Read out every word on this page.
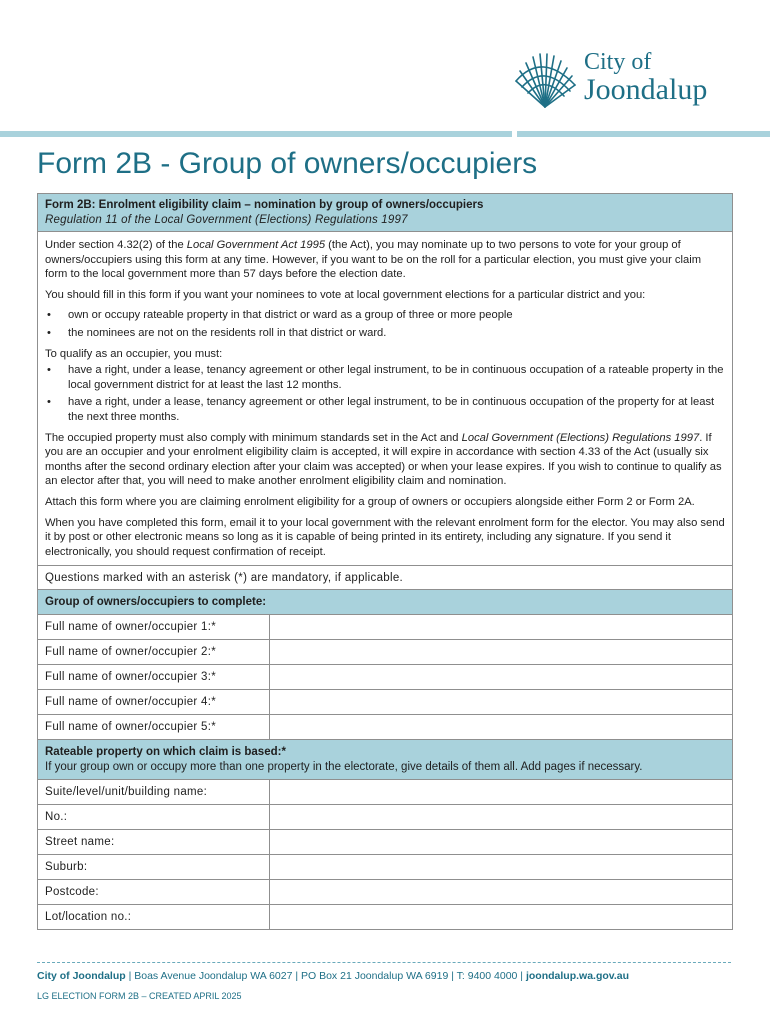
City of
Joondalup
Form 2B - Group of owners/occupiers
Form 2B: Enrolment eligibility claim – nomination by group of owners/occupiers
Regulation 11 of the Local Government (Elections) Regulations 1997

Under section 4.32(2) of the Local Government Act 1995 (the Act), you may nominate up to two persons to vote for your group of owners/occupiers using this form at any time. However, if you want to be on the roll for a particular election, you must give your claim form to the local government more than 57 days before the election date.

You should fill in this form if you want your nominees to vote at local government elections for a particular district and you:

• own or occupy rateable property in that district or ward as a group of three or more people
• the nominees are not on the residents roll in that district or ward.

To qualify as an occupier, you must:

• have a right, under a lease, tenancy agreement or other legal instrument, to be in continuous occupation of a rateable property in the local government district for at least the last 12 months.
• have a right, under a lease, tenancy agreement or other legal instrument, to be in continuous occupation of the property for at least the next three months.

The occupied property must also comply with minimum standards set in the Act and Local Government (Elections) Regulations 1997. If you are an occupier and your enrolment eligibility claim is accepted, it will expire in accordance with section 4.33 of the Act (usually six months after the second ordinary election after your claim was accepted) or when your lease expires. If you wish to continue to qualify as an elector after that, you will need to make another enrolment eligibility claim and nomination.

Attach this form where you are claiming enrolment eligibility for a group of owners or occupiers alongside either Form 2 or Form 2A.

When you have completed this form, email it to your local government with the relevant enrolment form for the elector. You may also send it by post or other electronic means so long as it is capable of being printed in its entirety, including any signature. If you send it electronically, you should request confirmation of receipt.

Questions marked with an asterisk (*) are mandatory, if applicable.
Group of owners/occupiers to complete:
Full name of owner/occupier 1:*
Full name of owner/occupier 2:*
Full name of owner/occupier 3:*
Full name of owner/occupier 4:*
Full name of owner/occupier 5:*
Rateable property on which claim is based:*
If your group own or occupy more than one property in the electorate, give details of them all. Add pages if necessary.
Suite/level/unit/building name:
No.:
Street name:
Suburb:
Postcode:
Lot/location no.:
City of Joondalup | Boas Avenue Joondalup WA 6027 | PO Box 21 Joondalup WA 6919 | T: 9400 4000 | joondalup.wa.gov.au
LG ELECTION FORM 2B – CREATED APRIL 2025
